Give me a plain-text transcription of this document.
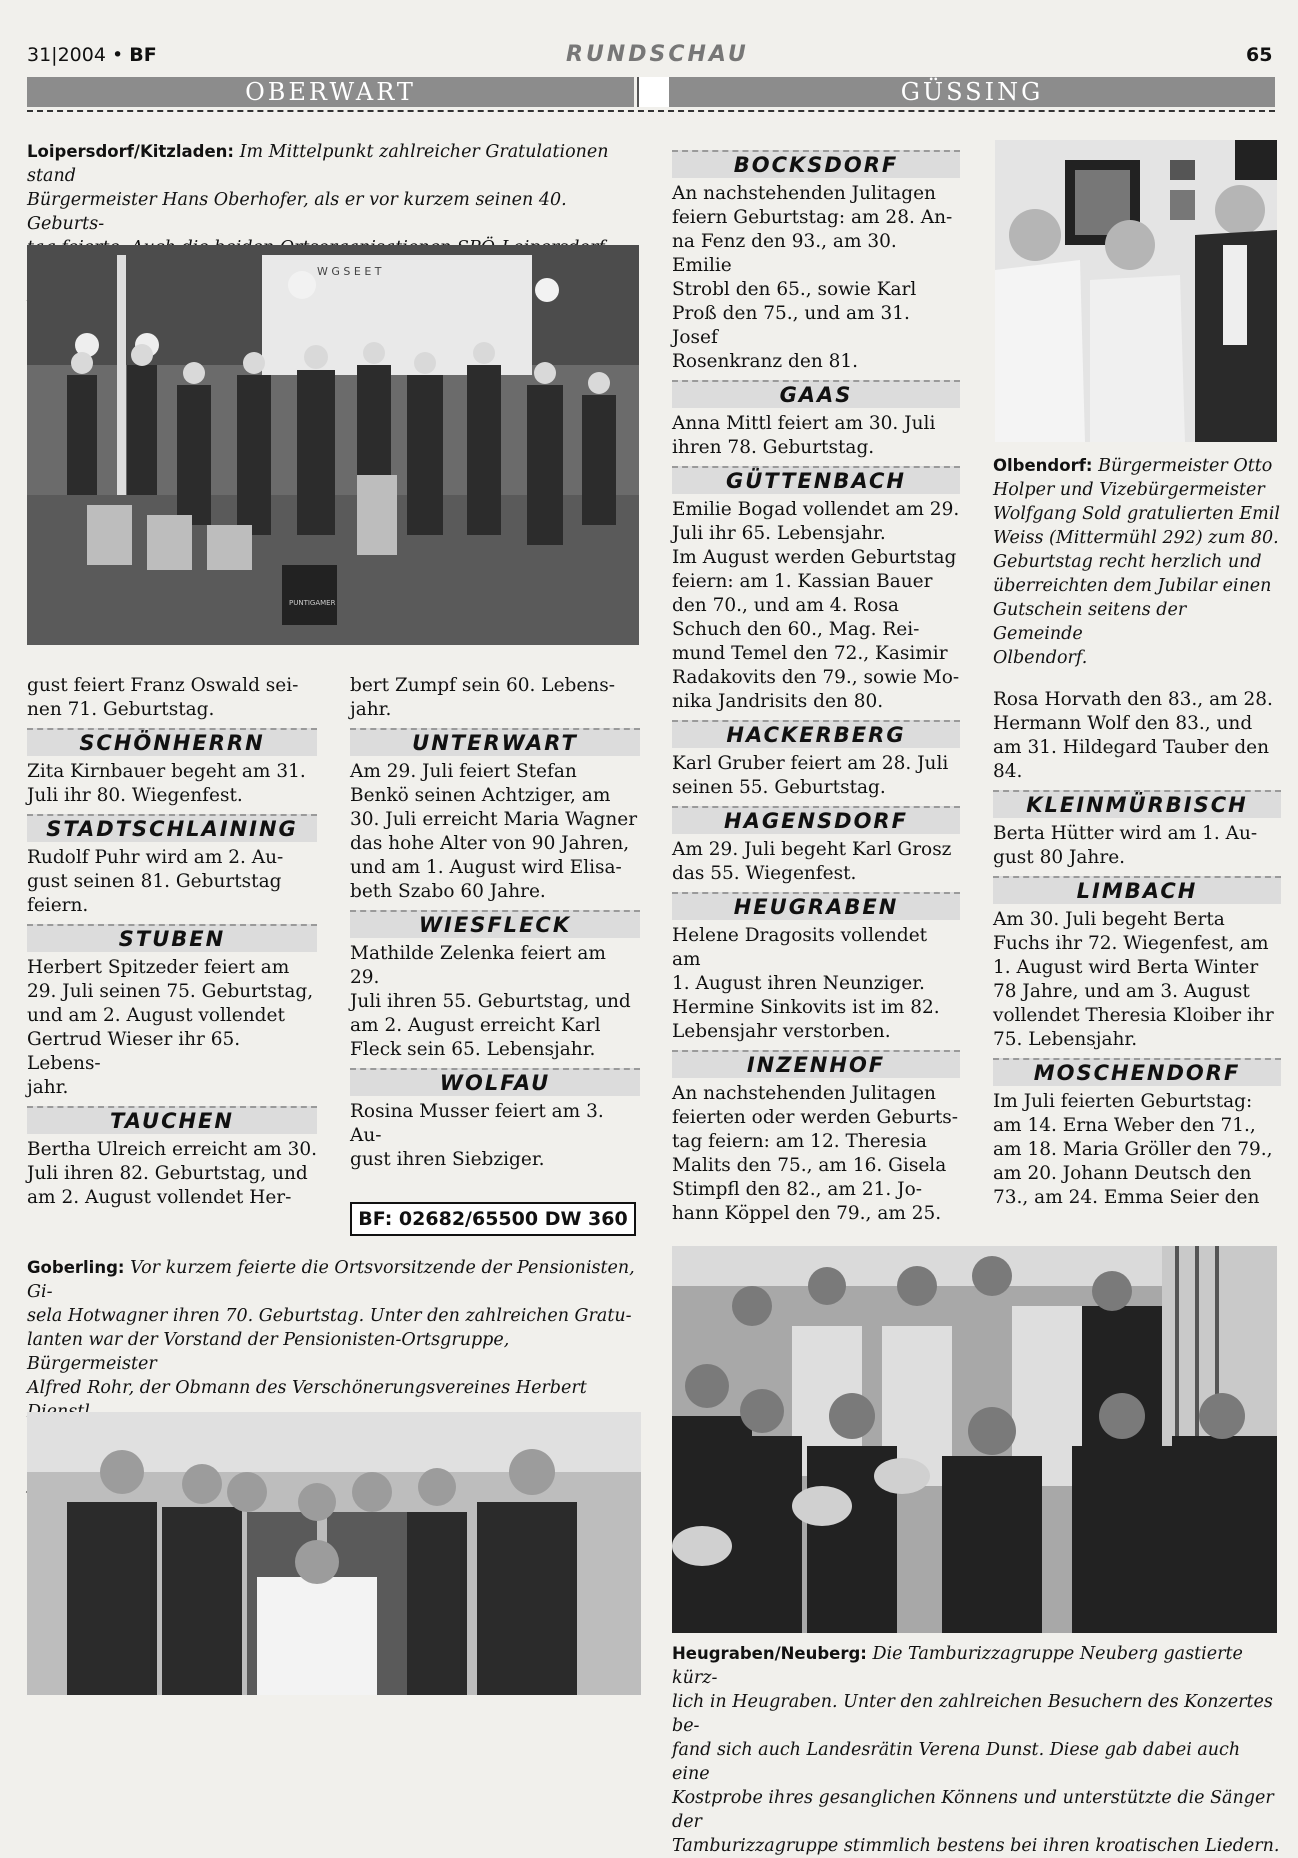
31|2004 • BF	RUNDSCHAU	65
OBERWART	GÜSSING
Loipersdorf/Kitzladen: Im Mittelpunkt zahlreicher Gratulationen stand
Bürgermeister Hans Oberhofer, als er vor kurzem seinen 40. Geburts-

W G S E E T
PUNTIGAMER
gust feiert Franz Oswald sei-
nen 71. Geburtstag.
SCHÖNHERRN
Zita Kirnbauer begeht am 31.
Juli ihr 80. Wiegenfest.
STADTSCHLAINING
Rudolf Puhr wird am 2. Au-
gust seinen 81. Geburtstag
feiern.
STUBEN
Herbert Spitzeder feiert am
29. Juli seinen 75. Geburtstag,
und am 2. August vollendet
Gertrud Wieser ihr 65. Lebens-
jahr.
TAUCHEN
Bertha Ulreich erreicht am 30.
Juli ihren 82. Geburtstag, und
am 2. August vollendet Her-
bert Zumpf sein 60. Lebens-
jahr.
UNTERWART
Am 29. Juli feiert Stefan
Benkö seinen Achtziger, am
30. Juli erreicht Maria Wagner
das hohe Alter von 90 Jahren,
und am 1. August wird Elisa-
beth Szabo 60 Jahre.
WIESFLECK
Mathilde Zelenka feiert am 29.
Juli ihren 55. Geburtstag, und
am 2. August erreicht Karl
Fleck sein 65. Lebensjahr.
WOLFAU
Rosina Musser feiert am 3. Au-
gust ihren Siebziger.
BF: 02682/65500 DW 360
BOCKSDORF
An nachstehenden Julitagen
feiern Geburtstag: am 28. An-
na Fenz den 93., am 30. Emilie
Strobl den 65., sowie Karl
Proß den 75., und am 31. Josef
Rosenkranz den 81.
GAAS
Anna Mittl feiert am 30. Juli
ihren 78. Geburtstag.
GÜTTENBACH
Emilie Bogad vollendet am 29.
Juli ihr 65. Lebensjahr.
Im August werden Geburtstag
feiern: am 1. Kassian Bauer
den 70., und am 4. Rosa
Schuch den 60., Mag. Rei-
mund Temel den 72., Kasimir
Radakovits den 79., sowie Mo-
nika Jandrisits den 80.
HACKERBERG
Karl Gruber feiert am 28. Juli
seinen 55. Geburtstag.
HAGENSDORF
Am 29. Juli begeht Karl Grosz
das 55. Wiegenfest.
HEUGRABEN
Helene Dragosits vollendet am
1. August ihren Neunziger.
Hermine Sinkovits ist im 82.
Lebensjahr verstorben.
INZENHOF
An nachstehenden Julitagen
feierten oder werden Geburts-
tag feiern: am 12. Theresia
Malits den 75., am 16. Gisela
Stimpfl den 82., am 21. Jo-
hann Köppel den 79., am 25.
Olbendorf: Bürgermeister Otto
Holper und Vizebürgermeister
Wolfgang Sold gratulierten Emil
Weiss (Mittermühl 292) zum 80.
Geburtstag recht herzlich und
überreichten dem Jubilar einen
Gutschein seitens der Gemeinde
Olbendorf.
Rosa Horvath den 83., am 28.
Hermann Wolf den 83., und
am 31. Hildegard Tauber den
84.
KLEINMÜRBISCH
Berta Hütter wird am 1. Au-
gust 80 Jahre.
LIMBACH
Am 30. Juli begeht Berta
Fuchs ihr 72. Wiegenfest, am
1. August wird Berta Winter
78 Jahre, und am 3. August
vollendet Theresia Kloiber ihr
75. Lebensjahr.
MOSCHENDORF
Im Juli feierten Geburtstag:
am 14. Erna Weber den 71.,
am 18. Maria Gröller den 79.,
am 20. Johann Deutsch den
73., am 24. Emma Seier den
Goberling: Vor kurzem feierte die Ortsvorsitzende der Pensionisten, Gi-
sela Hotwagner ihren 70. Geburtstag. Unter den zahlreichen Gratu-
lanten war der Vorstand der Pensionisten-Ortsgruppe, Bürgermeister
Alfred Rohr, der Obmann des Verschönerungsvereines Herbert

Heugraben/Neuberg: Die Tamburizzagruppe Neuberg gastierte kürz-
lich in Heugraben. Unter den zahlreichen Besuchern des Konzertes be-
fand sich auch Landesrätin Verena Dunst. Diese gab dabei auch eine
Kostprobe ihres gesanglichen Könnens und unterstützte die Sänger der
Tamburizzagruppe stimmlich bestens bei ihren kroatischen Liedern.
